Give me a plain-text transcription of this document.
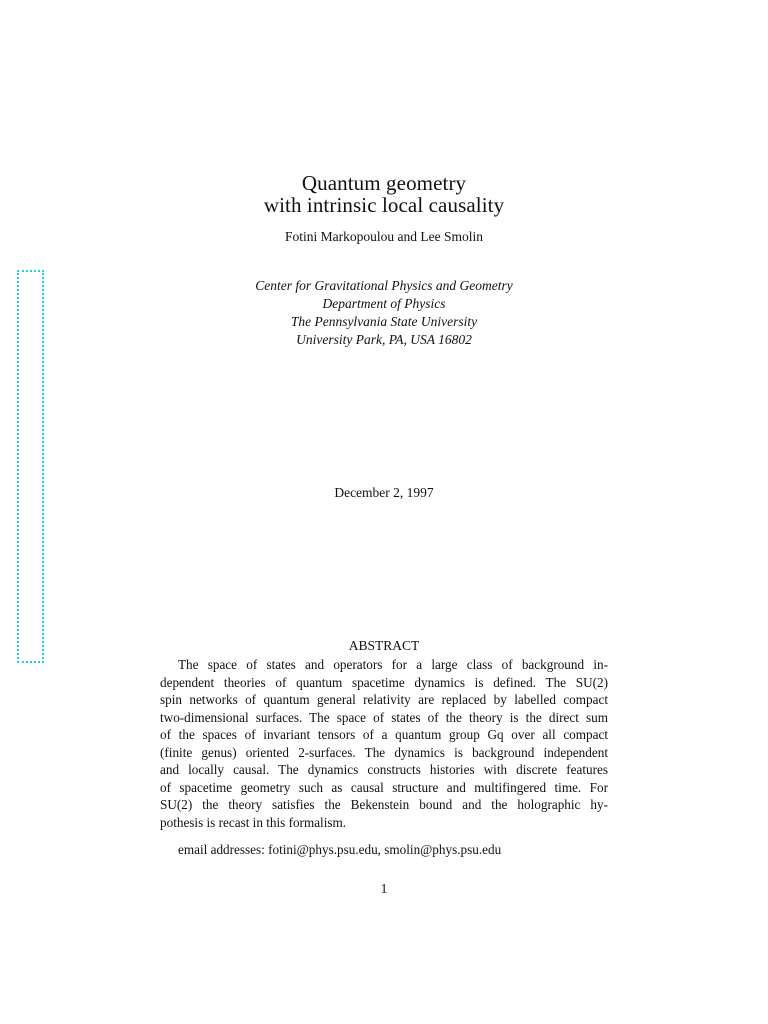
Quantum geometry
with intrinsic local causality
Fotini Markopoulou and Lee Smolin
Center for Gravitational Physics and Geometry
Department of Physics
The Pennsylvania State University
University Park, PA, USA 16802
December 2, 1997
ABSTRACT
The space of states and operators for a large class of background in-
dependent theories of quantum spacetime dynamics is defined. The SU(2)
spin networks of quantum general relativity are replaced by labelled compact
two-dimensional surfaces. The space of states of the theory is the direct sum
of the spaces of invariant tensors of a quantum group Gq over all compact
(finite genus) oriented 2-surfaces. The dynamics is background independent
and locally causal. The dynamics constructs histories with discrete features
of spacetime geometry such as causal structure and multifingered time. For
SU(2) the theory satisfies the Bekenstein bound and the holographic hy-
pothesis is recast in this formalism.
email addresses: fotini@phys.psu.edu, smolin@phys.psu.edu
1
